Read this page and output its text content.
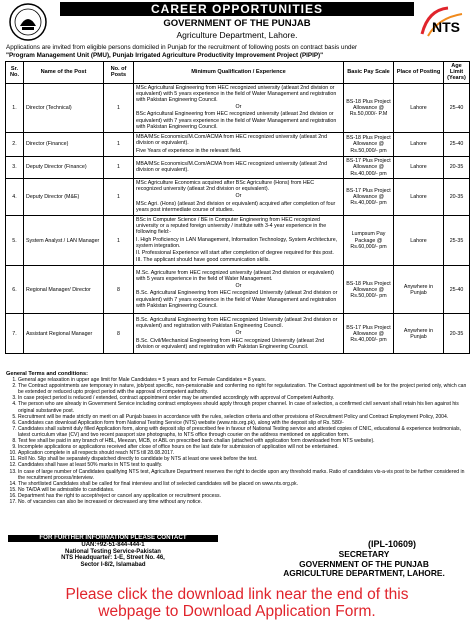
CAREER OPPORTUNITIES
GOVERNMENT OF THE PUNJAB
Agriculture Department, Lahore.	NTS
Applications are invited from eligible persons domiciled in Punjab for the recruitment of following posts on contract basis under
"Program Management Unit (PMU), Punjab Irrigated Agriculture Productivity Improvement Project (PIPIP)"
Sr. No.	Name of the Post	No. of Posts	Minimum Qualification / Experience	Basic Pay Scale	Place of Posting	Age Limit (Years)
1.	Director (Technical)	1	MSc Agricultural Engineering from HEC recognized university (atleast 2nd division or equivalent) with 5 years experience in the field of Water Management and registration with Pakistan Engineering Council.
Or
BSc Agricultural Engineering from HEC recognized university (atleast 2nd division or equivalent) with 7 years experience in the field of Water Management and registration with Pakistan Engineering Council.	BS-18 Plus Project Allowance @ Rs.50,000/- P.M	Lahore	25-40
2.	Director (Finance)	1	MBA/MSc Economics/M.Com/ACMA from HEC recognized university (atleast 2nd division or equivalent).
Five Years of experience in the relevant field.	BS-18 Plus Project Allowance @ Rs.50,000/- pm	Lahore	25-40
3.	Deputy Director (Finance)	1	MBA/MSc Economics/M.Com/ACMA from HEC recognized university (atleast 2nd division or equivalent).	BS-17 Plus Project Allowance @ Rs.40,000/- pm	Lahore	20-35
4.	Deputy Director (M&E)	1	MSc Agriculture Economics acquired after BSc Agriculture (Hons) from HEC recognized university (atleast 2nd division or equivalent).
Or
MSc Agri. (Hons) (atleast 2nd division or equivalent) acquired after completion of four years post intermediate course of studies.	BS-17 Plus Project Allowance @ Rs.40,000/- pm	Lahore	20-35
5.	System Analyst / LAN Manager	1	BSc in Computer Science / BE in Computer Engineering from HEC recognized university or a reputed foreign university / institute with 3-4 year experience in the following field:-
I. High Proficiency in LAN Management, Information Technology, System Architecture, system integration.
II. Professional Experience will start after completion of degree required for this post.
III. The applicant should have good communication skills.	Lumpsum Pay Package @ Rs.60,000/- pm	Lahore	25-35
6.	Regional Manager/ Director	8	M.Sc. Agriculture from HEC recognized university (atleast 2nd division or equivalent) with 5 years experience in the field of Water Management.
Or
B.Sc. Agricultural Engineering from HEC recognized University (atleast 2nd division or equivalent) with 7 years experience in the field of Water Management and registration with Pakistan Engineering Council.	BS-18 Plus Project Allowance @ Rs.50,000/- pm	Anywhere in Punjab	25-40
7.	Assistant Regional Manager	8	B.Sc. Agricultural Engineering from HEC recognized University (atleast 2nd division or equivalent) and registration with Pakistan Engineering Council.
Or
B.Sc. Civil/Mechanical Engineering from HEC recognized University (atleast 2nd division or equivalent) and registration with Pakistan Engineering Council.	BS-17 Plus Project Allowance @ Rs.40,000/- pm	Anywhere in Punjab	20-35
General Terms and conditions:
1. General age relaxation in upper age limit for Male Candidates = 5 years and for Female Candidates = 8 years.
2. The Contract appointments are temporary in nature, job/post specific, non-pensionable and conferring no right for regularization. The Contract appointment will be for the project period only, which can be extended or reduced upto project period with the approval of competent authority.
3. In case project period is reduced / extended, contract appointment order may be amended accordingly with approval of Competent Authority.
4. The person who are already in Government Service including contract employees should apply through proper channel. In case of selection, a confirmed civil servant shall retain his lien against his original substantive post.
5. Recruitment will be made strictly on merit on all Punjab bases in accordance with the rules, selection criteria and other provisions of Recruitment Policy and Contract Employment Policy, 2004.
6. Candidates can download Application form from National Testing Service (NTS) website (www.nts.org.pk), along with the deposit slip of Rs. 580/-
7. Candidates shall submit duly filled Application form, along with deposit slip of prescribed fee in favour of National Testing service and attested copies of CNIC, educational & experience testimonials, latest curriculum vitae (CV) and two recent passport size photographs, to NTS office through courier on the address mentioned on application form.
8. Test fee shall be paid in any branch of HBL, Meezan, MCB, or ABL on prescribed bank challan (attached with application form downloaded from NTS website).
9. Incomplete applications or applications received after close of office hours on the last date for submission of application will not be entertained.
10. Application complete in all respects should reach NTS till 28.08.2017.
11. Roll No. Slip shall be separately dispatched directly to candidate by NTS at least one week before the test.
12. Candidates shall have at least 50% marks in NTS test to qualify.
13. In case of large number of Candidates qualifying NTS test, Agriculture Department reserves the right to decide upon any threshold marks. Ratio of candidates vis-a-vis post to be further considered in the recruitment process/interview.
14. The shortlisted Candidates shall be called for final interview and list of selected candidates will be placed on www.nts.org.pk.
15. No TA/DA will be admissible to candidates.
16. Department has the right to accept/reject or cancel any application or recruitment process.
17. No. of vacancies can also be increased or decreased any time without any notice.
FOR FURTHER INFORMATION PLEASE CONTACT
UAN:+92-51-844-444-1
National Testing Service-Pakistan
NTS Headquarter: 1-E, Street No. 46,
Sector I-8/2, Islamabad
(IPL-10609)
SECRETARY
GOVERNMENT OF THE PUNJAB
AGRICULTURE DEPARTMENT, LAHORE.
Please click the download link near the end of this
webpage to Download Application Form.
